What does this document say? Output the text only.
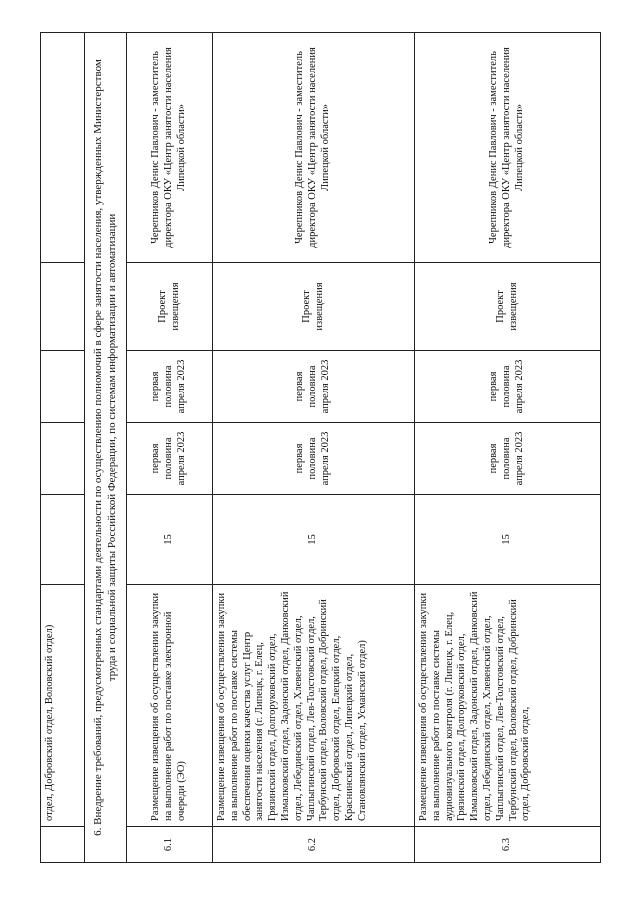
	отдел, Добровский отдел, Воловский отдел)					
6. Внедрение требований, предусмотренных стандартами деятельности по осуществлению полномочий в сфере занятости населения, утвержденных Министерством труда и социальной защиты Российской Федерации, по системам информатизации и автоматизации						
6.1	Размещение извещения об осуществлении закупки на выполнение работ по поставке электронной очереди (ЭО)	15	первая половина апреля 2023	первая половина апреля 2023	Проект извещения	Черепников Денис Павлович - заместитель директора ОКУ «Центр занятости населения Липецкой области»
6.2	Размещение извещения об осуществлении закупки на выполнение работ по поставке системы обеспечения оценки качества услуг Центр занятости населения (г. Липецк, г. Елец, Грязинский отдел, Долгоруковский отдел, Измалковский отдел, Задонский отдел, Данковский отдел, Лебединский отдел, Хлевенский отдел, Чаплыгинский отдел, Лев-Толстовский отдел, Тербунский отдел, Воловский отдел, Добринский отдел, Добровский отдел, Елецкий отдел, Краснинский отдел, Липецкий отдел, Становлянский отдел, Усманский отдел)	15	первая половина апреля 2023	первая половина апреля 2023	Проект извещения	Черепников Денис Павлович - заместитель директора ОКУ «Центр занятости населения Липецкой области»
6.3	Размещение извещения об осуществлении закупки на выполнение работ по поставке системы аудиовизуального контроля (г. Липецк, г. Елец, Грязинский отдел, Долгоруковский отдел, Измалковский отдел, Задонский отдел, Данковский отдел, Лебединский отдел, Хлевенский отдел, Чаплыгинский отдел, Лев-Толстовский отдел, Тербунский отдел, Воловский отдел, Добринский отдел, Добровский отдел,	15	первая половина апреля 2023	первая половина апреля 2023	Проект извещения	Черепников Денис Павлович - заместитель директора ОКУ «Центр занятости населения Липецкой области»
